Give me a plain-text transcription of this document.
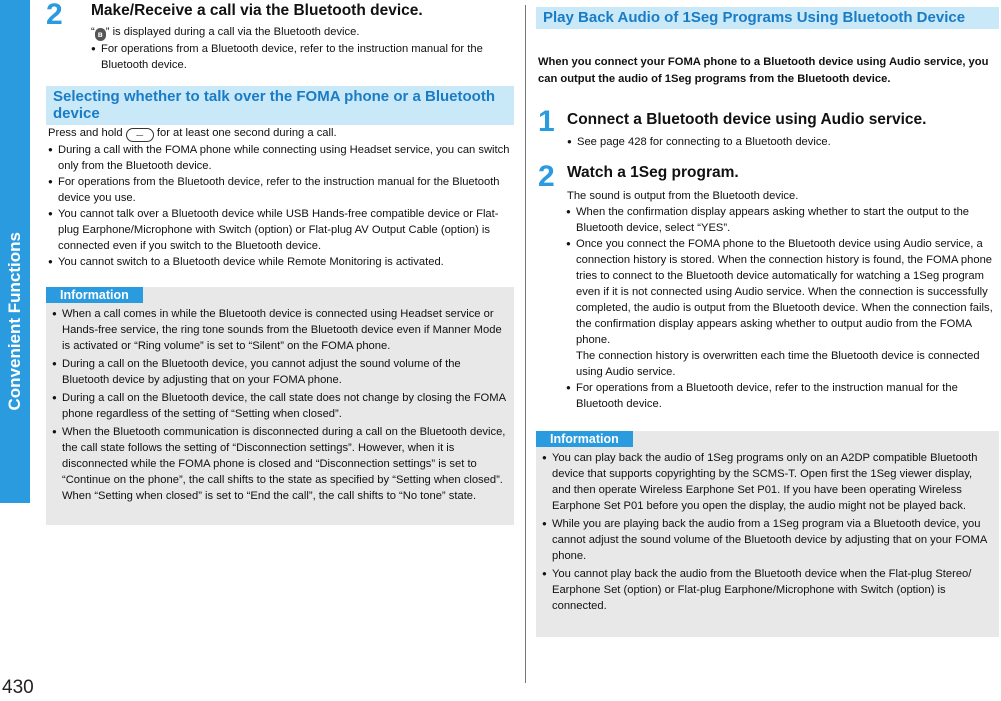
Convenient Functions
430
2 Make/Receive a call via the Bluetooth device.
“ ʙ ” is displayed during a call via the Bluetooth device.
● For operations from a Bluetooth device, refer to the instruction manual for the Bluetooth device.
Selecting whether to talk over the FOMA phone or a Bluetooth device
Press and hold ⏤ for at least one second during a call.
● During a call with the FOMA phone while connecting using Headset service, you can switch only from the Bluetooth device.
● For operations from the Bluetooth device, refer to the instruction manual for the Bluetooth device you use.
● You cannot talk over a Bluetooth device while USB Hands-free compatible device or Flat-plug Earphone/Microphone with Switch (option) or Flat-plug AV Output Cable (option) is connected even if you switch to the Bluetooth device.
● You cannot switch to a Bluetooth device while Remote Monitoring is activated.
Information
● When a call comes in while the Bluetooth device is connected using Headset service or Hands-free service, the ring tone sounds from the Bluetooth device even if Manner Mode is activated or “Ring volume” is set to “Silent” on the FOMA phone.
● During a call on the Bluetooth device, you cannot adjust the sound volume of the Bluetooth device by adjusting that on your FOMA phone.
● During a call on the Bluetooth device, the call state does not change by closing the FOMA phone regardless of the setting of “Setting when closed”.
● When the Bluetooth communication is disconnected during a call on the Bluetooth device, the call state follows the setting of “Disconnection settings”. However, when it is disconnected while the FOMA phone is closed and “Disconnection settings” is set to “Continue on the phone”, the call shifts to the state as specified by “Setting when closed”. When “Setting when closed” is set to “End the call”, the call shifts to “No tone” state.
Play Back Audio of 1Seg Programs Using Bluetooth Device
When you connect your FOMA phone to a Bluetooth device using Audio service, you can output the audio of 1Seg programs from the Bluetooth device.
1 Connect a Bluetooth device using Audio service.
● See page 428 for connecting to a Bluetooth device.
2 Watch a 1Seg program.
The sound is output from the Bluetooth device.
● When the confirmation display appears asking whether to start the output to the Bluetooth device, select “YES”.
● Once you connect the FOMA phone to the Bluetooth device using Audio service, a connection history is stored. When the connection history is found, the FOMA phone tries to connect to the Bluetooth device automatically for watching a 1Seg program even if it is not connected using Audio service. When the connection is successfully completed, the audio is output from the Bluetooth device. When the connection fails, the confirmation display appears asking whether to output audio from the FOMA phone.
The connection history is overwritten each time the Bluetooth device is connected using Audio service.
● For operations from a Bluetooth device, refer to the instruction manual for the Bluetooth device.
Information
● You can play back the audio of 1Seg programs only on an A2DP compatible Bluetooth device that supports copyrighting by the SCMS-T. Open first the 1Seg viewer display, and then operate Wireless Earphone Set P01. If you have been operating Wireless Earphone Set P01 before you open the display, the audio might not be played back.
● While you are playing back the audio from a 1Seg program via a Bluetooth device, you cannot adjust the sound volume of the Bluetooth device by adjusting that on your FOMA phone.
● You cannot play back the audio from the Bluetooth device when the Flat-plug Stereo/ Earphone Set (option) or Flat-plug Earphone/Microphone with Switch (option) is connected.
